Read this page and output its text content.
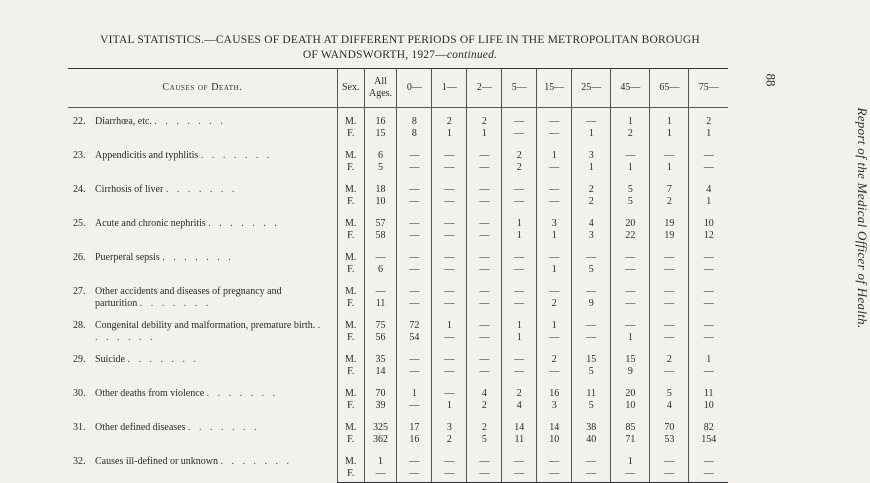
VITAL STATISTICS.—CAUSES OF DEATH AT DIFFERENT PERIODS OF LIFE IN THE METROPOLITAN BOROUGH
OF WANDSWORTH, 1927—continued.
88
Report of the Medical Officer of Health.
Causes of Death.	Sex.	All
Ages.	0—	1—	2—	5—	15—	25—	45—	65—	75—
22. Diarrhœa, etc. . . . . . . .	M.	16	8	2	2	—	—	—	1	1	2
	F.	15	8	1	1	—	—	1	2	1	1
23. Appendicitis and typhlitis . . . . . . .	M.	6	—	—	—	2	1	3	—	—	—
	F.	5	—	—	—	2	—	1	1	1	—
24. Cirrhosis of liver . . . . . . .	M.	18	—	—	—	—	—	2	5	7	4
	F.	10	—	—	—	—	—	2	5	2	1
25. Acute and chronic nephritis . . . . . . .	M.	57	—	—	—	1	3	4	20	19	10
	F.	58	—	—	—	1	1	3	22	19	12
26. Puerperal sepsis . . . . . . .	M.	—	—	—	—	—	—	—	—	—	—
	F.	6	—	—	—	—	1	5	—	—	—
27. Other accidents and diseases of pregnancy and parturition . . . . . . .	M.	—	—	—	—	—	—	—	—	—	—
	F.	11	—	—	—	—	2	9	—	—	—
28. Congenital debility and malformation, premature birth. . . . . . . .	M.	75	72	1	—	1	1	—	—	—	—
	F.	56	54	—	—	1	—	—	1	—	—
29. Suicide . . . . . . .	M.	35	—	—	—	—	2	15	15	2	1
	F.	14	—	—	—	—	—	5	9	—	—
30. Other deaths from violence . . . . . . .	M.	70	1	—	4	2	16	11	20	5	11
	F.	39	—	1	2	4	3	5	10	4	10
31. Other defined diseases . . . . . . .	M.	325	17	3	2	14	14	38	85	70	82
	F.	362	16	2	5	11	10	40	71	53	154
32. Causes ill-defined or unknown . . . . . . .	M.	1	—	—	—	—	—	—	1	—	—
	F.	—	—	—	—	—	—	—	—	—	—
